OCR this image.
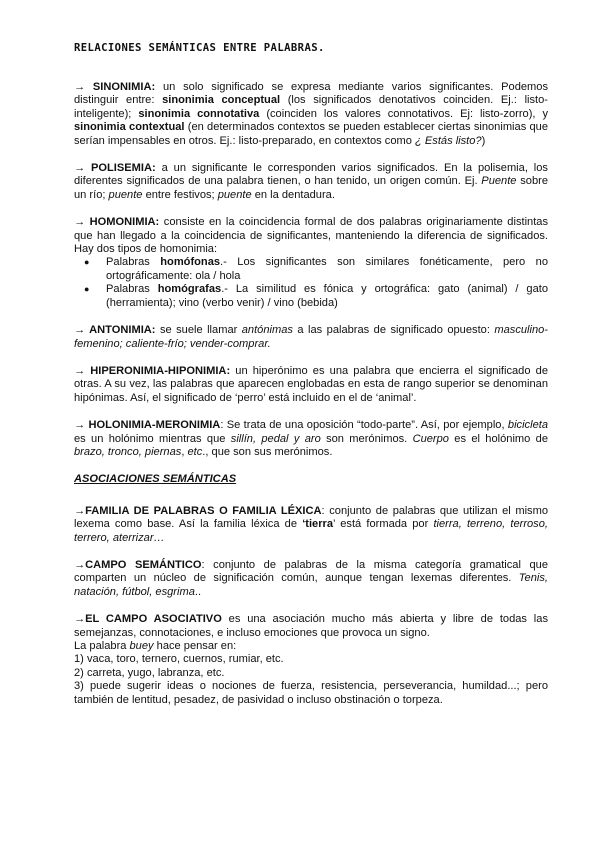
RELACIONES SEMÁNTICAS ENTRE PALABRAS.

→ SINONIMIA: un solo significado se expresa mediante varios significantes. Podemos distinguir entre: sinonimia conceptual (los significados denotativos coinciden. Ej.: listo-inteligente); sinonimia connotativa (coinciden los valores connotativos. Ej: listo-zorro), y sinonimia contextual (en determinados contextos se pueden establecer ciertas sinonimias que serían impensables en otros. Ej.: listo-preparado, en contextos como ¿ Estás listo?)

→ POLISEMIA: a un significante le corresponden varios significados. En la polisemia, los diferentes significados de una palabra tienen, o han tenido, un origen común. Ej. Puente sobre un río; puente entre festivos; puente en la dentadura.

→ HOMONIMIA: consiste en la coincidencia formal de dos palabras originariamente distintas que han llegado a la coincidencia de significantes, manteniendo la diferencia de significados. Hay dos tipos de homonimia:

● Palabras homófonas.- Los significantes son similares fonéticamente, pero no ortográficamente: ola / hola
● Palabras homógrafas.- La similitud es fónica y ortográfica: gato (animal) / gato (herramienta); vino (verbo venir) / vino (bebida)

→ ANTONIMIA: se suele llamar antónimas a las palabras de significado opuesto: masculino-femenino; caliente-frío; vender-comprar.

→ HIPERONIMIA-HIPONIMIA: un hiperónimo es una palabra que encierra el significado de otras. A su vez, las palabras que aparecen englobadas en esta de rango superior se denominan hipónimas. Así, el significado de ‘perro’ está incluido en el de ‘animal’.

→ HOLONIMIA-MERONIMIA: Se trata de una oposición “todo-parte”. Así, por ejemplo, bicicleta es un holónimo mientras que sillín, pedal y aro son merónimos. Cuerpo es el holónimo de brazo, tronco, piernas, etc., que son sus merónimos.

ASOCIACIONES SEMÁNTICAS

→FAMILIA DE PALABRAS O FAMILIA LÉXICA: conjunto de palabras que utilizan el mismo lexema como base. Así la familia léxica de ‘tierra’ está formada por tierra, terreno, terroso, terrero, aterrizar…

→CAMPO SEMÁNTICO: conjunto de palabras de la misma categoría gramatical que comparten un núcleo de significación común, aunque tengan lexemas diferentes. Tenis, natación, fútbol, esgrima..

→EL CAMPO ASOCIATIVO es una asociación mucho más abierta y libre de todas las semejanzas, connotaciones, e incluso emociones que provoca un signo.

La palabra buey hace pensar en:
1) vaca, toro, ternero, cuernos, rumiar, etc.
2) carreta, yugo, labranza, etc.
3) puede sugerir ideas o nociones de fuerza, resistencia, perseverancia, humildad...; pero también de lentitud, pesadez, de pasividad o incluso obstinación o torpeza.
